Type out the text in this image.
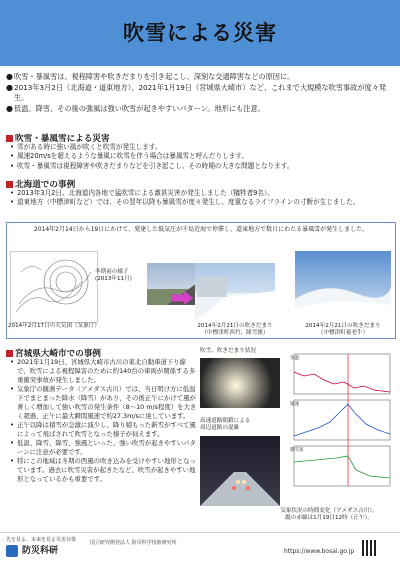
吹雪による災害
● 吹雪・暴風雪は、視程障害や吹きだまりを引き起こし、深刻な交通障害などの原因に。
● 2013年3月2日（北海道・道東地方）、2021年1月19日（宮城県大崎市）など、これまで大規模な吹雪事故が度々発生。
● 低温、降雪、その後の強風は強い吹雪が起きやすいパターン。地形にも注意。
吹雪・暴風雪による災害
• 雪がある時に強い風が吹くと吹雪が発生します。
• 風速20m/sを超えるような暴風に吹雪を伴う場合は暴風雪と呼んだりします。
• 吹雪・暴風雪は視程障害や吹きだまりなどを引き起こし、その時期の大きな問題となります。
北海道での事例
• 2013年3月2日、北海道内各地で猛吹雪による激甚災害が発生しました（犠牲者9名）。
• 道東地方（中標津町など）では、その翌年以降も暴風雪が度々発生し、度重なるライフラインの寸断が生じました。
2014年2月14日から19日にかけて、発達した低気圧が千島近海で停滞し、道東地方で数日にわたる暴風雪が発生しました。
2014年2月17日の天気図（気象庁）
冬期前の様子
(2013年11月)
2014年2月21日の吹きだまり
（中標津町西竹、隊雪後）
2014年2月21日の吹きだまり
（中標津町養老牛）
宮城県大崎市での事例
• 2021年1月19日、宮城県大崎市古川の東北自動車道下り線で、吹雪による視程障害のために約140台の車両が関係する多重衝突事故が発生しました。
• 気象庁の観測データ（アメダス古川）では、当日明け方に低温下でまとまった降水（降雪）があり、その後正午にかけて風が著しく増加して強い吹雪の発生条件（8～10 m/s程度）を大きく超過、正午に最大瞬間風速で約27.3m/sに達しています。
• 正午以降は積雪が急激に減少し、降り積もった新雪がすべて風によって飛ばされて吹雪となった様子が伺えます。
• 低温、降雪、降雪、強風といった、強い吹雪が起きやすいパターンに注意が必要です。
• 特にこの地域は冬期の西風の吹き込みを受けやすい地形となっています。過去に吹雪災害が起きたなど、吹雪が起きやすい地形となっているかも重要です。
吹雪、吹きだまり状況
高速道路閉鎖による
周辺道路の混雑
気温
風速
積雪深
気象状況の時間変化（アメダス古川）。
縦の赤線は1月19日12時（正午）。
先を見る、未来を見る災害対策
防災科研
国立研究開発法人 防災科学技術研究所
https://www.bosai.go.jp
